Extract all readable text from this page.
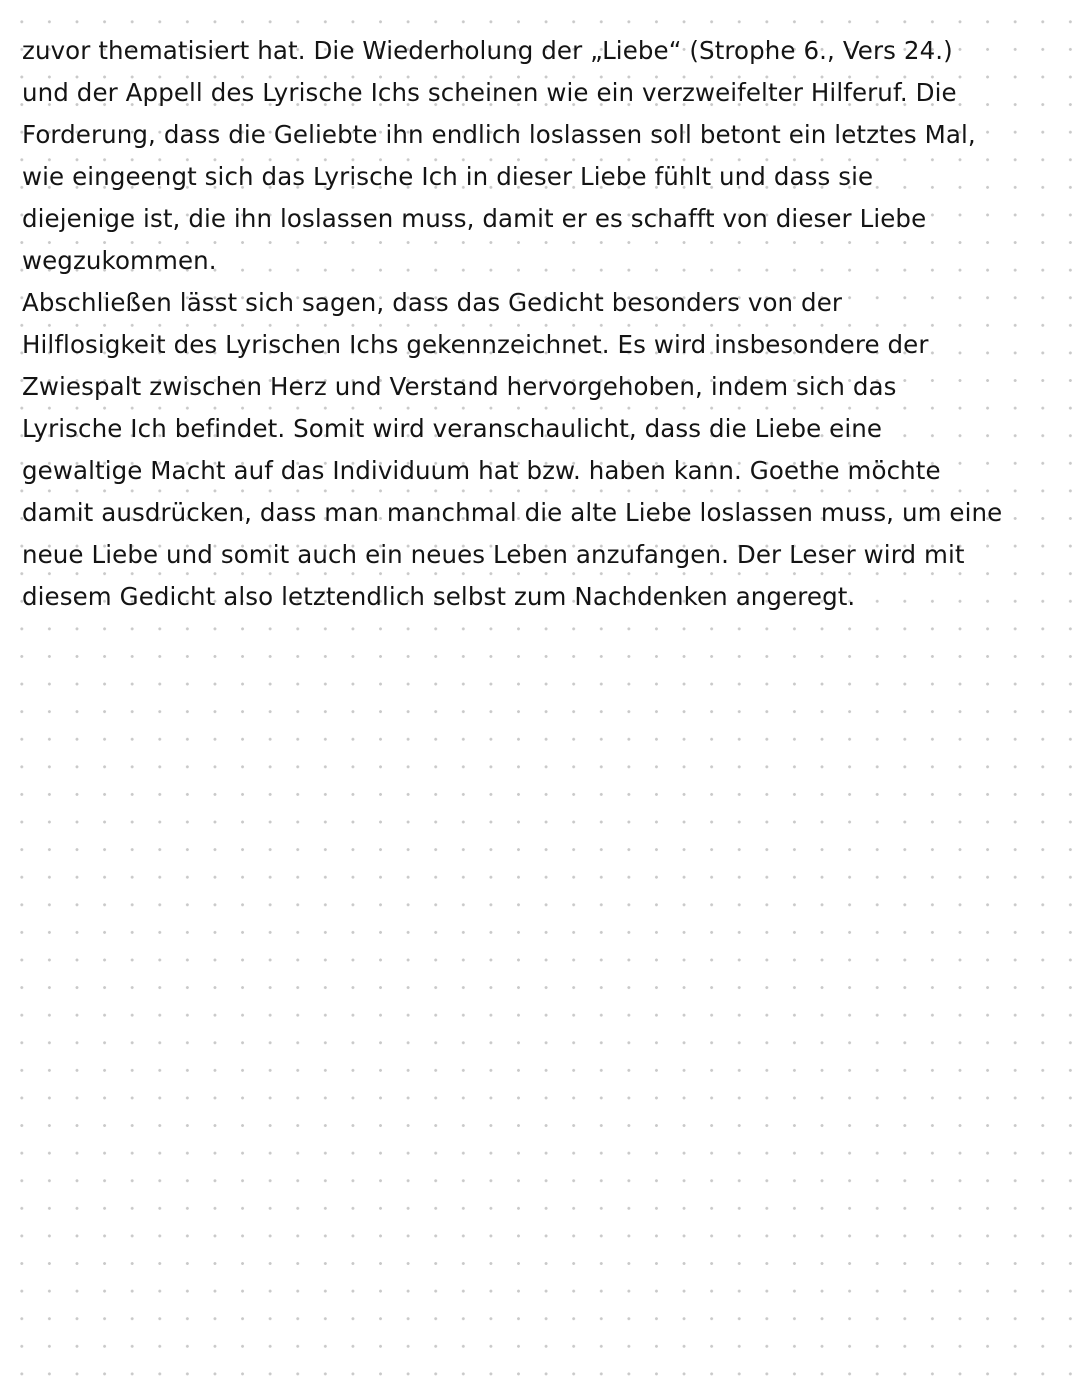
zuvor thematisiert hat. Die Wiederholung der „Liebe“ (Strophe 6., Vers 24.)
und der Appell des Lyrische Ichs scheinen wie ein verzweifelter Hilferuf. Die
Forderung, dass die Geliebte ihn endlich loslassen soll betont ein letztes Mal,
wie eingeengt sich das Lyrische Ich in dieser Liebe fühlt und dass sie
diejenige ist, die ihn loslassen muss, damit er es schafft von dieser Liebe
wegzukommen.
Abschließen lässt sich sagen, dass das Gedicht besonders von der
Hilflosigkeit des Lyrischen Ichs gekennzeichnet. Es wird insbesondere der
Zwiespalt zwischen Herz und Verstand hervorgehoben, indem sich das
Lyrische Ich befindet. Somit wird veranschaulicht, dass die Liebe eine
gewaltige Macht auf das Individuum hat bzw. haben kann. Goethe möchte
damit ausdrücken, dass man manchmal die alte Liebe loslassen muss, um eine
neue Liebe und somit auch ein neues Leben anzufangen. Der Leser wird mit
diesem Gedicht also letztendlich selbst zum Nachdenken angeregt.
